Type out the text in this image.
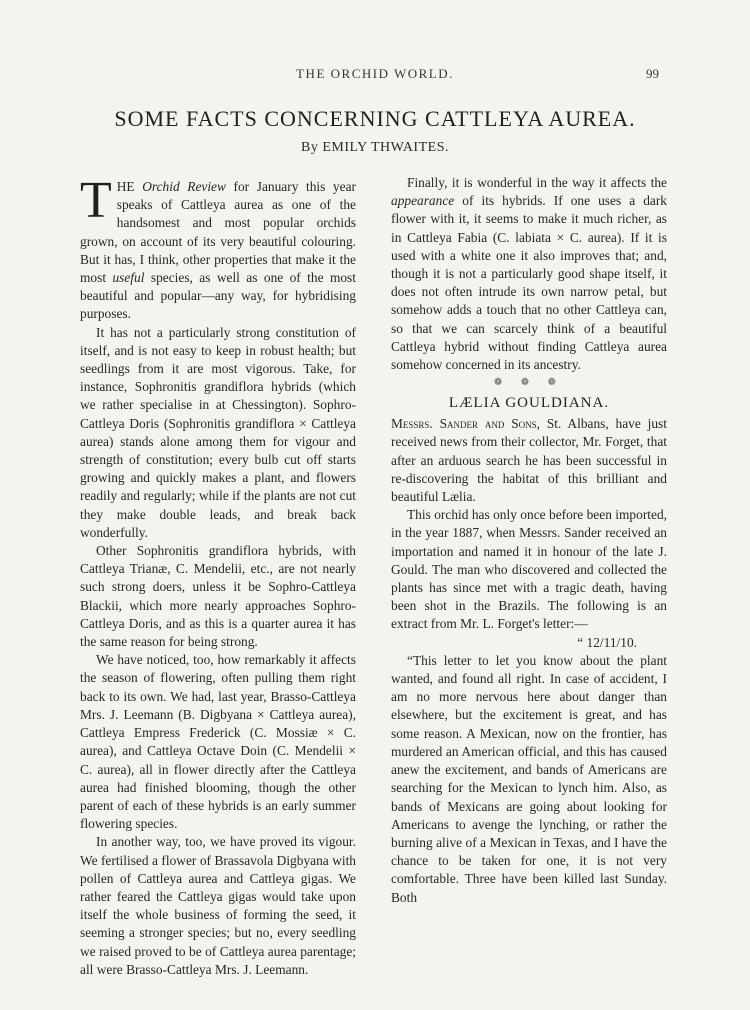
THE ORCHID WORLD.	99
SOME FACTS CONCERNING CATTLEYA AUREA.
By EMILY THWAITES.

THE Orchid Review for January this year speaks of Cattleya aurea as one of the handsomest and most popular orchids grown, on account of its very beautiful colouring. But it has, I think, other properties that make it the most useful species, as well as one of the most beautiful and popular—any way, for hybridising purposes.

It has not a particularly strong constitution of itself, and is not easy to keep in robust health; but seedlings from it are most vigorous. Take, for instance, Sophronitis grandiflora hybrids (which we rather specialise in at Chessington). Sophro-Cattleya Doris (Sophronitis grandiflora × Cattleya aurea) stands alone among them for vigour and strength of constitution; every bulb cut off starts growing and quickly makes a plant, and flowers readily and regularly; while if the plants are not cut they make double leads, and break back wonderfully.

Other Sophronitis grandiflora hybrids, with Cattleya Trianæ, C. Mendelii, etc., are not nearly such strong doers, unless it be Sophro-Cattleya Blackii, which more nearly approaches Sophro-Cattleya Doris, and as this is a quarter aurea it has the same reason for being strong.

We have noticed, too, how remarkably it affects the season of flowering, often pulling them right back to its own. We had, last year, Brasso-Cattleya Mrs. J. Leemann (B. Digbyana × Cattleya aurea), Cattleya Empress Frederick (C. Mossiæ × C. aurea), and Cattleya Octave Doin (C. Mendelii × C. aurea), all in flower directly after the Cattleya aurea had finished blooming, though the other parent of each of these hybrids is an early summer flowering species.

In another way, too, we have proved its vigour. We fertilised a flower of Brassavola Digbyana with pollen of Cattleya aurea and Cattleya gigas. We rather feared the Cattleya gigas would take upon itself the whole business of forming the seed, it seeming a stronger species; but no, every seedling we raised proved to be of Cattleya aurea parentage; all were Brasso-Cattleya Mrs. J. Leemann.

Finally, it is wonderful in the way it affects the appearance of its hybrids. If one uses a dark flower with it, it seems to make it much richer, as in Cattleya Fabia (C. labiata × C. aurea). If it is used with a white one it also improves that; and, though it is not a particularly good shape itself, it does not often intrude its own narrow petal, but somehow adds a touch that no other Cattleya can, so that we can scarcely think of a beautiful Cattleya hybrid without finding Cattleya aurea somehow concerned in its ancestry.

❁ ❁ ❁
LÆLIA GOULDIANA.

Messrs. Sander and Sons, St. Albans, have just received news from their collector, Mr. Forget, that after an arduous search he has been successful in re-discovering the habitat of this brilliant and beautiful Lælia.

This orchid has only once before been imported, in the year 1887, when Messrs. Sander received an importation and named it in honour of the late J. Gould. The man who discovered and collected the plants has since met with a tragic death, having been shot in the Brazils. The following is an extract from Mr. L. Forget's letter:—

“ 12/11/10.

“This letter to let you know about the plant wanted, and found all right. In case of accident, I am no more nervous here about danger than elsewhere, but the excitement is great, and has some reason. A Mexican, now on the frontier, has murdered an American official, and this has caused anew the excitement, and bands of Americans are searching for the Mexican to lynch him. Also, as bands of Mexicans are going about looking for Americans to avenge the lynching, or rather the burning alive of a Mexican in Texas, and I have the chance to be taken for one, it is not very comfortable. Three have been killed last Sunday. Both
